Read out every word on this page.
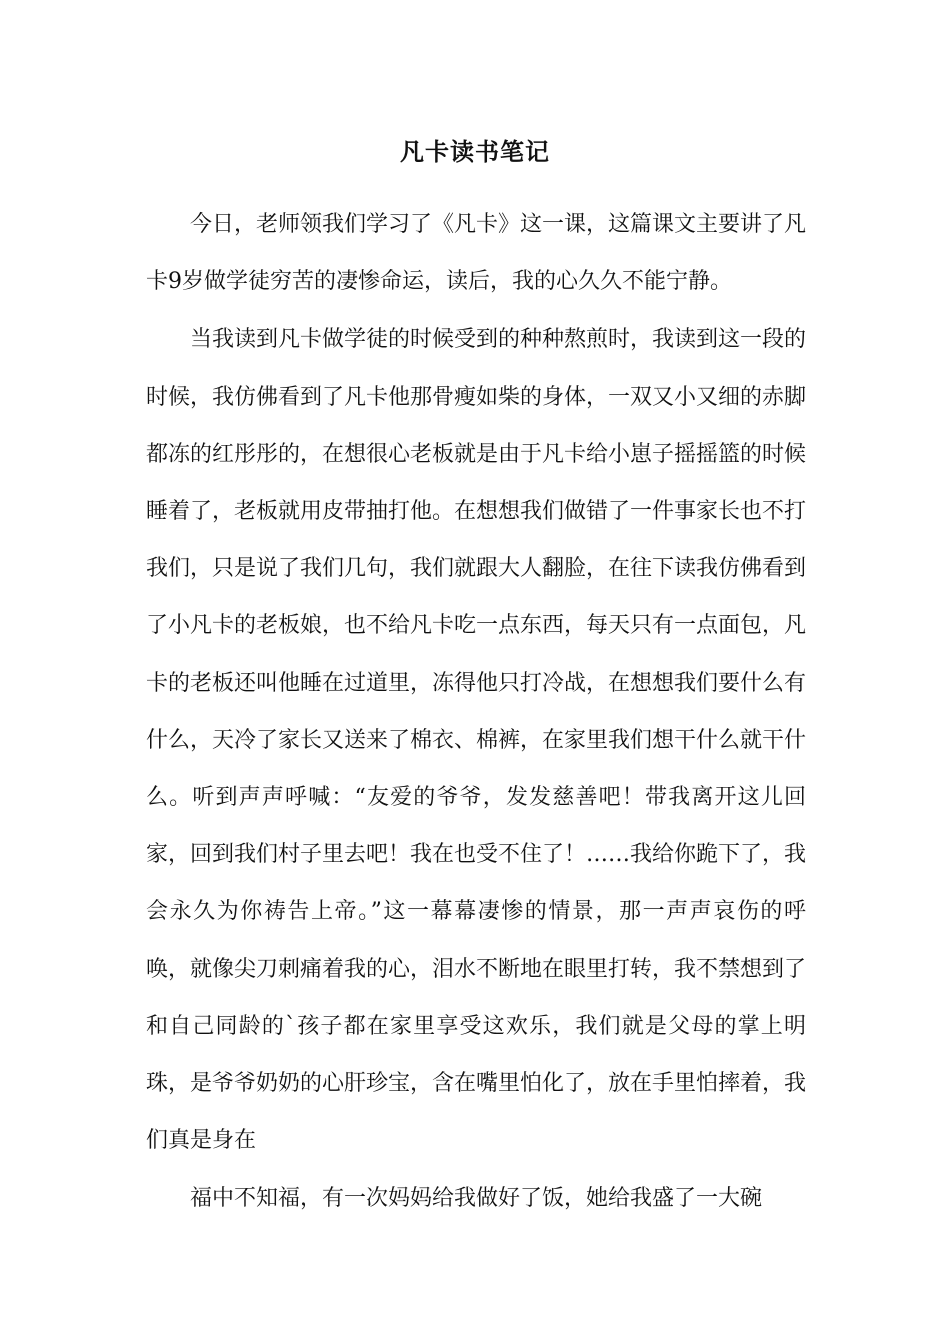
凡卡读书笔记

今日，老师领我们学习了《凡卡》这一课，这篇课文主要讲了凡卡9岁做学徒穷苦的凄惨命运，读后，我的心久久不能宁静。

当我读到凡卡做学徒的时候受到的种种熬煎时，我读到这一段的时候，我仿佛看到了凡卡他那骨瘦如柴的身体，一双又小又细的赤脚都冻的红彤彤的，在想很心老板就是由于凡卡给小崽子摇摇篮的时候睡着了，老板就用皮带抽打他。在想想我们做错了一件事家长也不打我们，只是说了我们几句，我们就跟大人翻脸，在往下读我仿佛看到了小凡卡的老板娘，也不给凡卡吃一点东西，每天只有一点面包，凡卡的老板还叫他睡在过道里，冻得他只打冷战，在想想我们要什么有什么，天冷了家长又送来了棉衣、棉裤，在家里我们想干什么就干什么。听到声声呼喊：“友爱的爷爷，发发慈善吧！带我离开这儿回家，回到我们村子里去吧！我在也受不住了！……我给你跪下了，我会永久为你祷告上帝。”这一幕幕凄惨的情景，那一声声哀伤的呼唤，就像尖刀刺痛着我的心，泪水不断地在眼里打转，我不禁想到了和自己同龄的`孩子都在家里享受这欢乐，我们就是父母的掌上明珠，是爷爷奶奶的心肝珍宝，含在嘴里怕化了，放在手里怕摔着，我们真是身在

福中不知福，有一次妈妈给我做好了饭，她给我盛了一大碗
